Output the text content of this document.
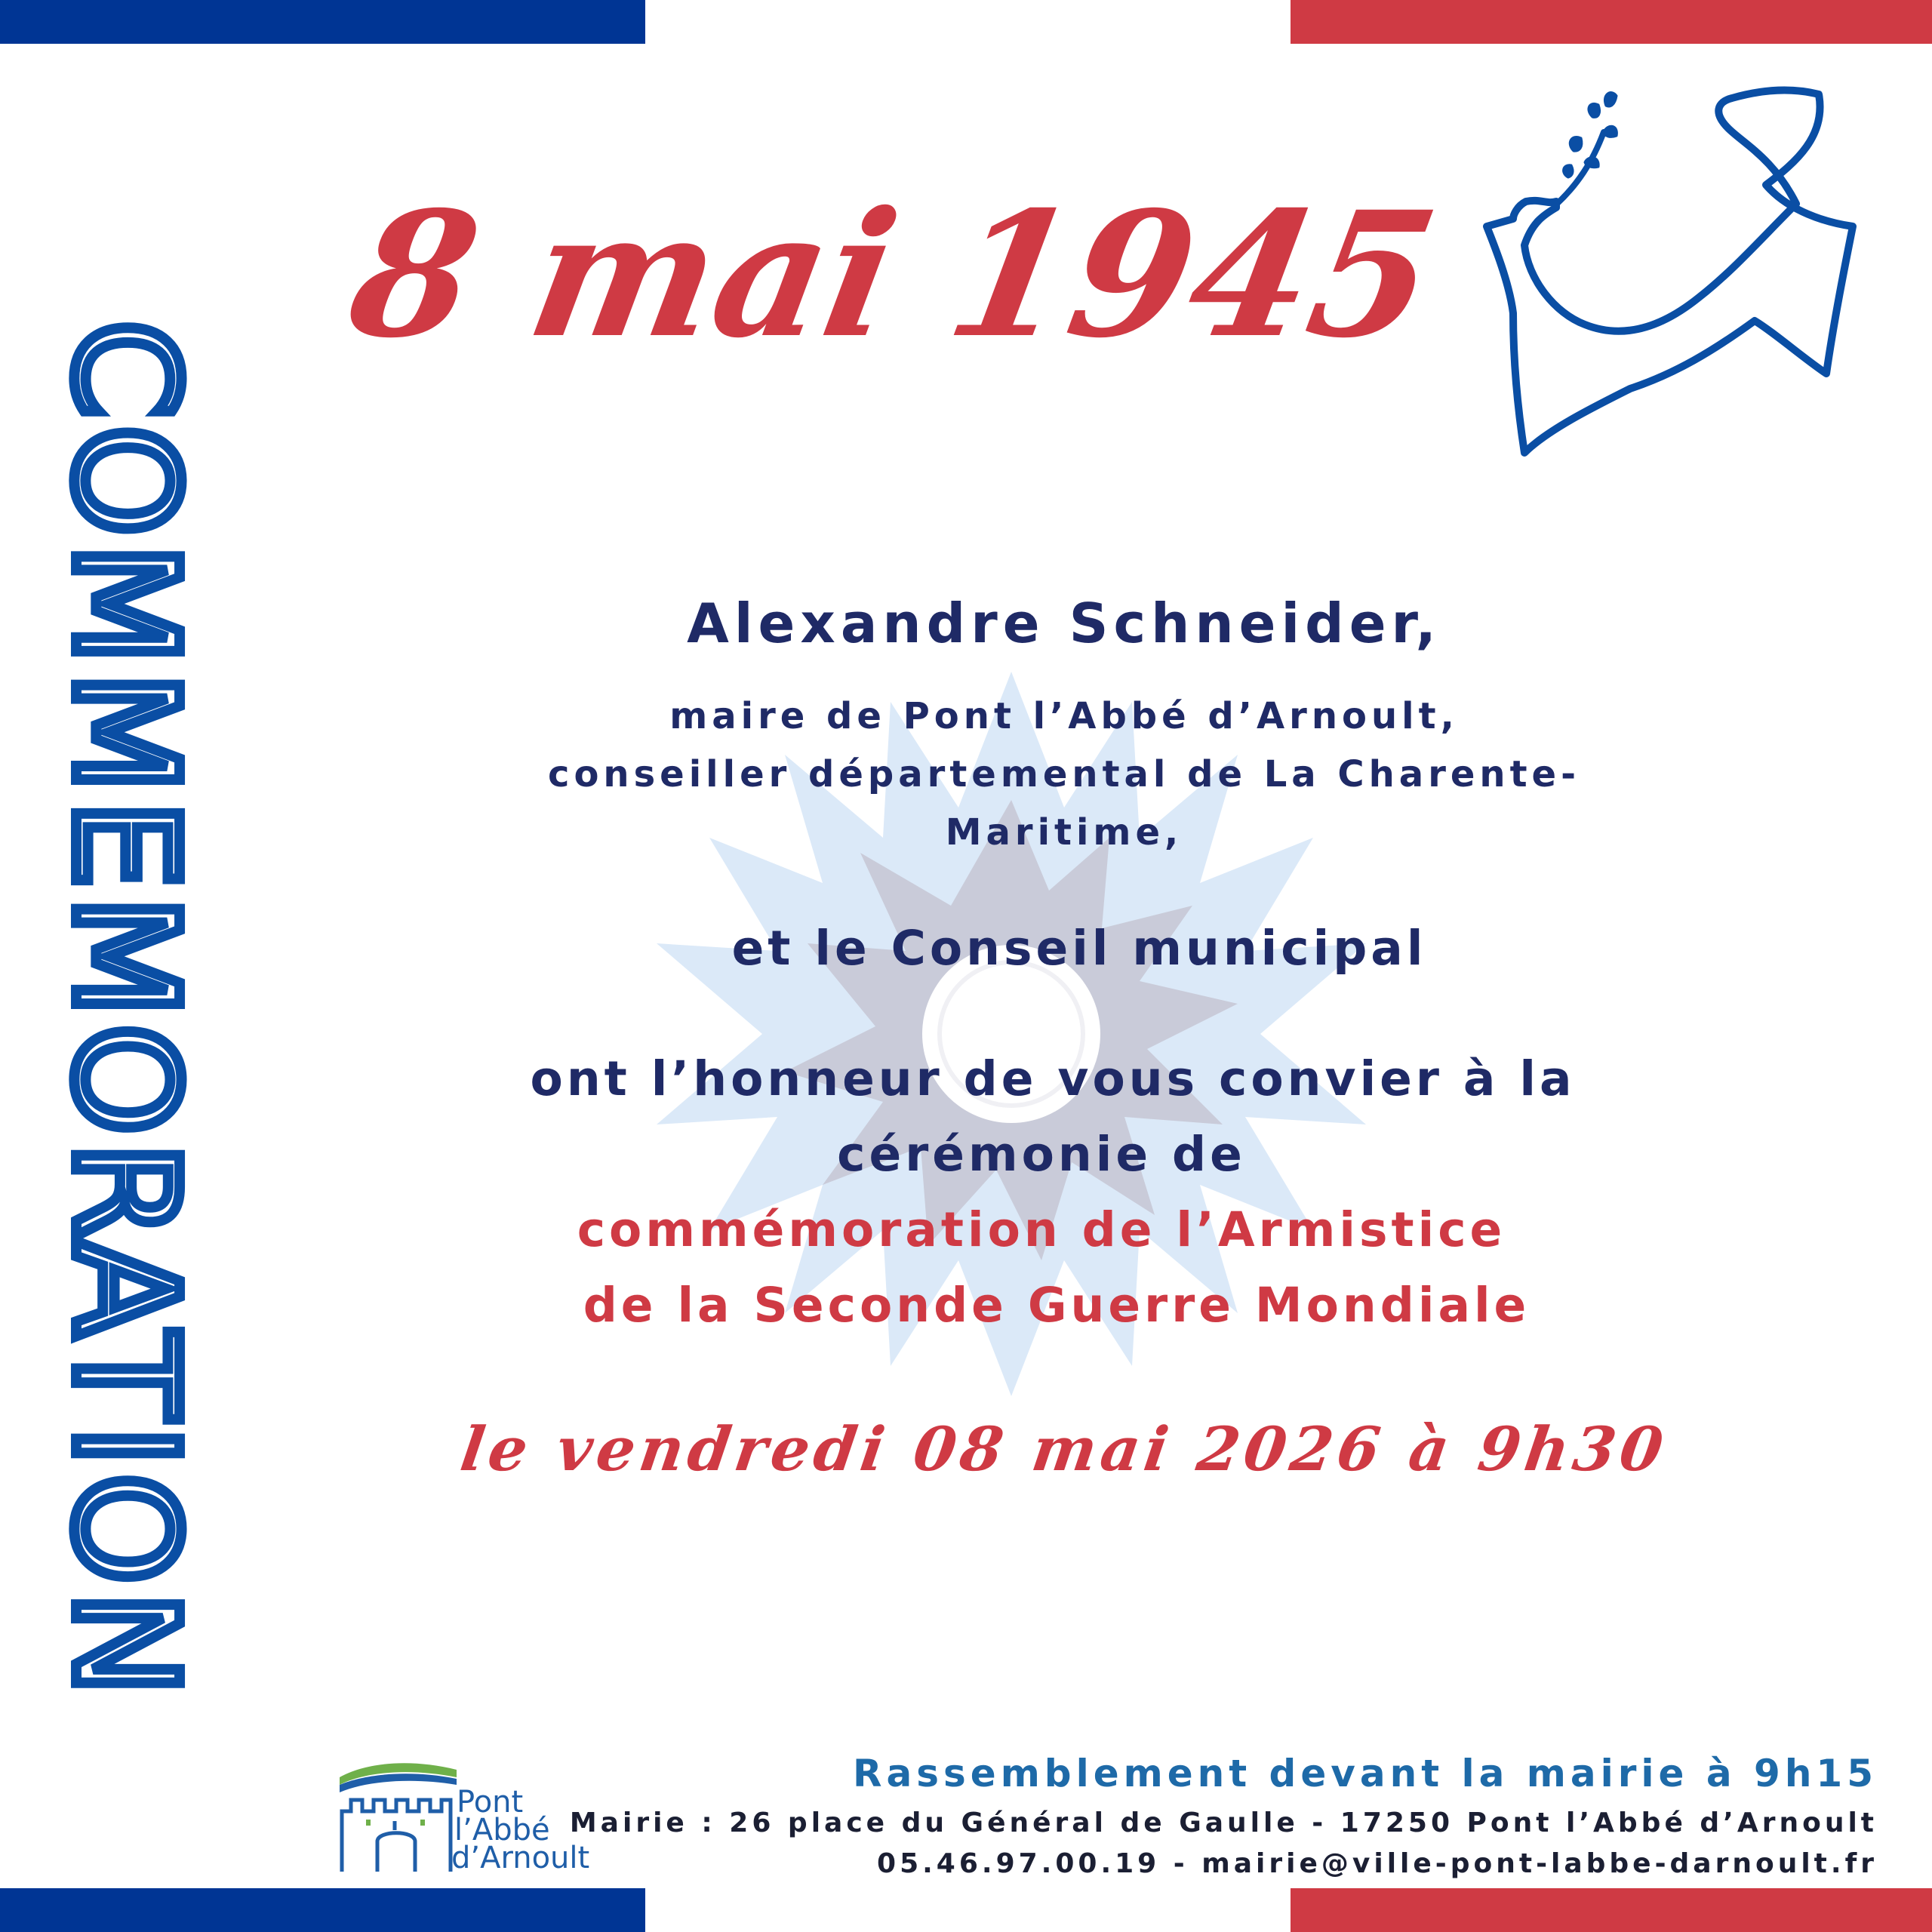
COMMEMORATION
8 mai 1945
Alexandre Schneider,
maire de Pont l’Abbé d’Arnoult,
conseiller départemental de La Charente-
Maritime,
et le Conseil municipal
ont l’honneur de vous convier à la
cérémonie de
commémoration de l’Armistice
de la Seconde Guerre Mondiale
le vendredi 08 mai 2026 à 9h30
Pont
l’Abbé
d’Arnoult
Rassemblement devant la mairie à 9h15
Mairie : 26 place du Général de Gaulle - 17250 Pont l’Abbé d’Arnoult
05.46.97.00.19 - mairie@ville-pont-labbe-darnoult.fr
